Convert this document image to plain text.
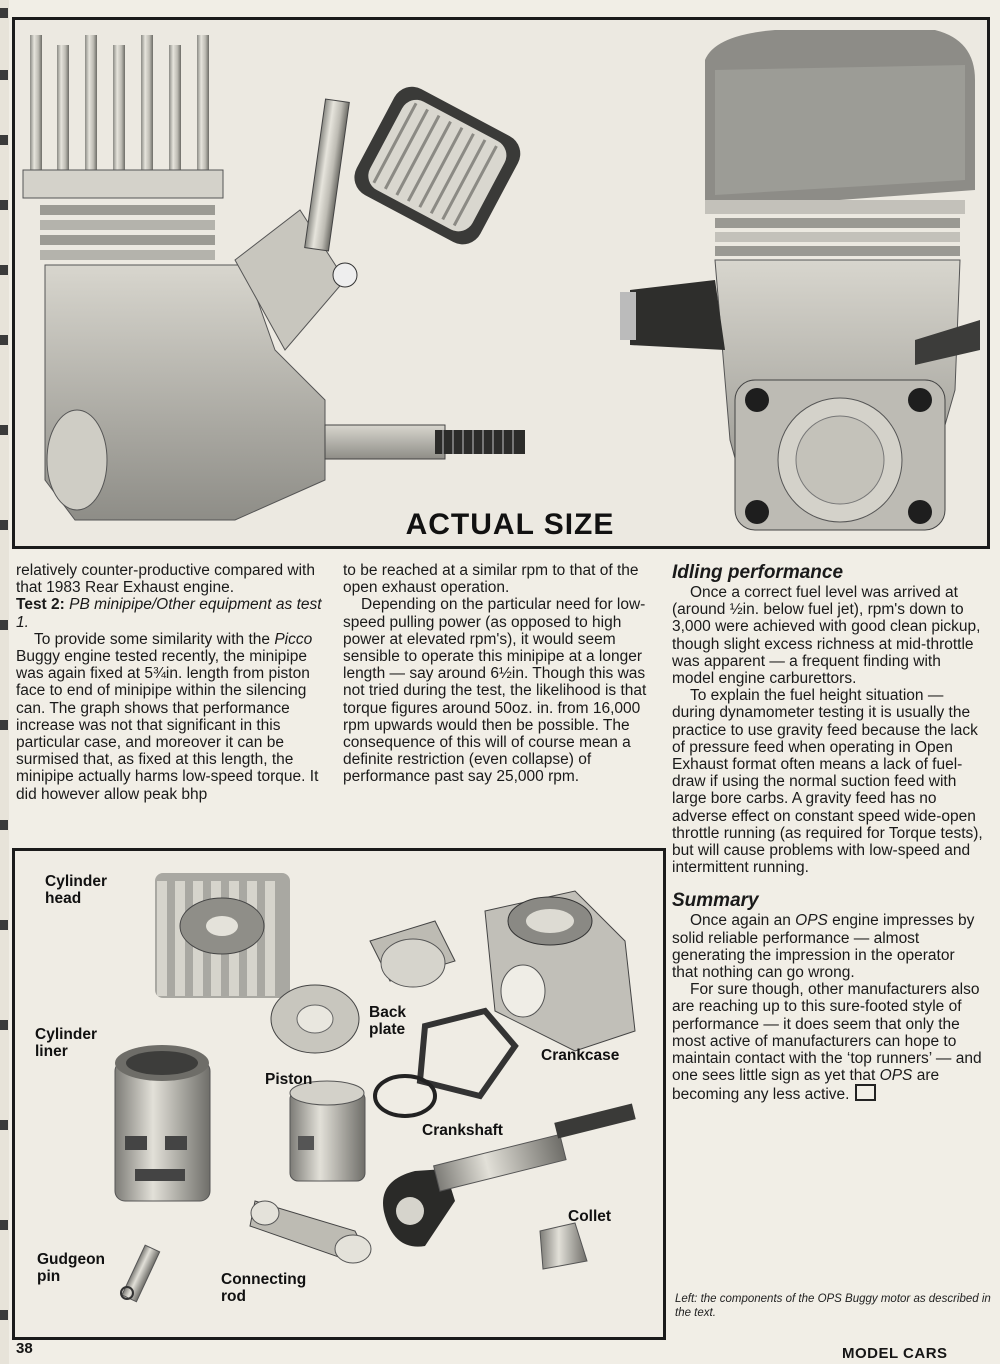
ACTUAL SIZE

relatively counter-productive compared with that 1983 Rear Exhaust engine.

Test 2: PB minipipe/Other equipment as test 1.

To provide some similarity with the Picco Buggy engine tested recently, the minipipe was again fixed at 5¾in. length from piston face to end of minipipe within the silencing can. The graph shows that performance increase was not that significant in this particular case, and moreover it can be surmised that, as fixed at this length, the minipipe actually harms low-speed torque. It did however allow peak bhp

to be reached at a similar rpm to that of the open exhaust operation.

Depending on the particular need for low-speed pulling power (as opposed to high power at elevated rpm's), it would seem sensible to operate this minipipe at a longer length — say around 6½in. Though this was not tried during the test, the likelihood is that torque figures around 50oz. in. from 16,000 rpm upwards would then be possible. The consequence of this will of course mean a definite restriction (even collapse) of performance past say 25,000 rpm.

Idling performance

Once a correct fuel level was arrived at (around ½in. below fuel jet), rpm's down to 3,000 were achieved with good clean pickup, though slight excess richness at mid-throttle was apparent — a frequent finding with model engine carburettors.

To explain the fuel height situation — during dynamometer testing it is usually the practice to use gravity feed because the lack of pressure feed when operating in Open Exhaust format often means a lack of fuel-draw if using the normal suction feed with large bore carbs. A gravity feed has no adverse effect on constant speed wide-open throttle running (as required for Torque tests), but will cause problems with low-speed and intermittent running.

Summary

Once again an OPS engine impresses by solid reliable performance — almost generating the impression in the operator that nothing can go wrong.

For sure though, other manufacturers also are reaching up to this sure-footed style of performance — it does seem that only the most active of manufacturers can hope to maintain contact with the ‘top runners’ — and one sees little sign as yet that OPS are becoming any less active.

Cylinder head
Cylinder liner
Piston
Back plate
Crankcase
Crankshaft
Collet
Gudgeon pin	Connecting rod	Left: the components of the OPS Buggy motor as described in the text.
38	MODEL CARS
